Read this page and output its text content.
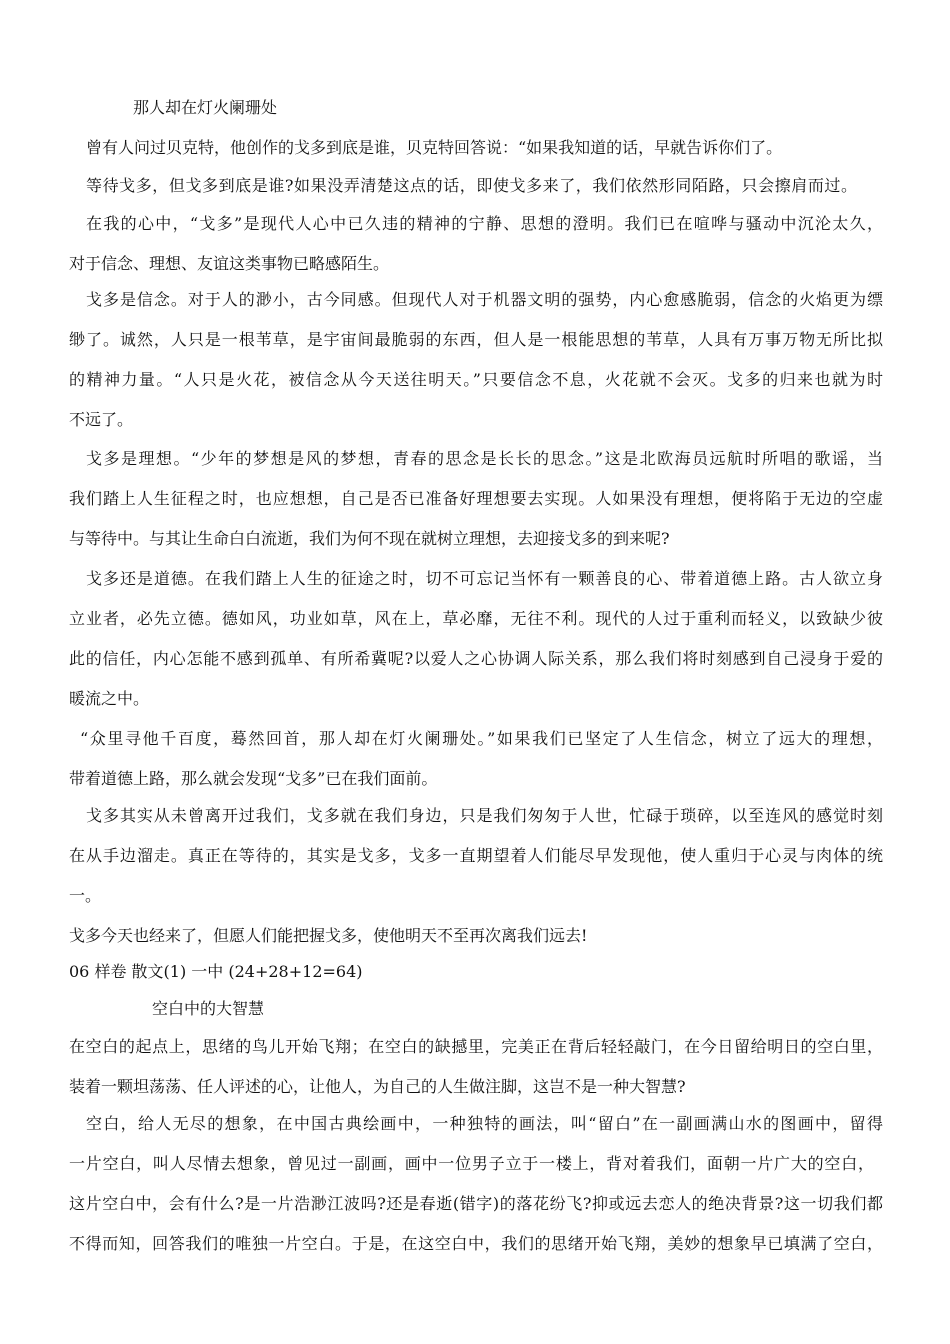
那人却在灯火阑珊处
曾有人问过贝克特，他创作的戈多到底是谁，贝克特回答说：“如果我知道的话，早就告诉你们了。
等待戈多，但戈多到底是谁?如果没弄清楚这点的话，即使戈多来了，我们依然形同陌路，只会擦肩而过。
在我的心中，“戈多”是现代人心中已久违的精神的宁静、思想的澄明。我们已在喧哗与骚动中沉沦太久，
对于信念、理想、友谊这类事物已略感陌生。
戈多是信念。对于人的渺小，古今同感。但现代人对于机器文明的强势，内心愈感脆弱，信念的火焰更为缥
缈了。诚然，人只是一根苇草，是宇宙间最脆弱的东西，但人是一根能思想的苇草，人具有万事万物无所比拟
的精神力量。“人只是火花，被信念从今天送往明天。”只要信念不息，火花就不会灭。戈多的归来也就为时
不远了。
戈多是理想。“少年的梦想是风的梦想，青春的思念是长长的思念。”这是北欧海员远航时所唱的歌谣，当
我们踏上人生征程之时，也应想想，自己是否已准备好理想要去实现。人如果没有理想，便将陷于无边的空虚
与等待中。与其让生命白白流逝，我们为何不现在就树立理想，去迎接戈多的到来呢?
戈多还是道德。在我们踏上人生的征途之时，切不可忘记当怀有一颗善良的心、带着道德上路。古人欲立身
立业者，必先立德。德如风，功业如草，风在上，草必靡，无往不利。现代的人过于重利而轻义，以致缺少彼
此的信任，内心怎能不感到孤单、有所希冀呢?以爱人之心协调人际关系，那么我们将时刻感到自己浸身于爱的
暖流之中。
“众里寻他千百度，蓦然回首，那人却在灯火阑珊处。”如果我们已坚定了人生信念，树立了远大的理想，
带着道德上路，那么就会发现“戈多”已在我们面前。
戈多其实从未曾离开过我们，戈多就在我们身边，只是我们匆匆于人世，忙碌于琐碎，以至连风的感觉时刻
在从手边溜走。真正在等待的，其实是戈多，戈多一直期望着人们能尽早发现他，使人重归于心灵与肉体的统
一。
戈多今天也经来了，但愿人们能把握戈多，使他明天不至再次离我们远去!
06 样卷 散文(1) 一中 (24+28+12=64)
空白中的大智慧
在空白的起点上，思绪的鸟儿开始飞翔；在空白的缺撼里，完美正在背后轻轻敲门，在今日留给明日的空白里，
装着一颗坦荡荡、任人评述的心，让他人，为自己的人生做注脚，这岂不是一种大智慧?
空白，给人无尽的想象，在中国古典绘画中，一种独特的画法，叫“留白”在一副画满山水的图画中，留得
一片空白，叫人尽情去想象，曾见过一副画，画中一位男子立于一楼上，背对着我们，面朝一片广大的空白，
这片空白中，会有什么?是一片浩渺江波吗?还是春逝(错字)的落花纷飞?抑或远去恋人的绝决背景?这一切我们都
不得而知，回答我们的唯独一片空白。于是，在这空白中，我们的思绪开始飞翔，美妙的想象早已填满了空白，
